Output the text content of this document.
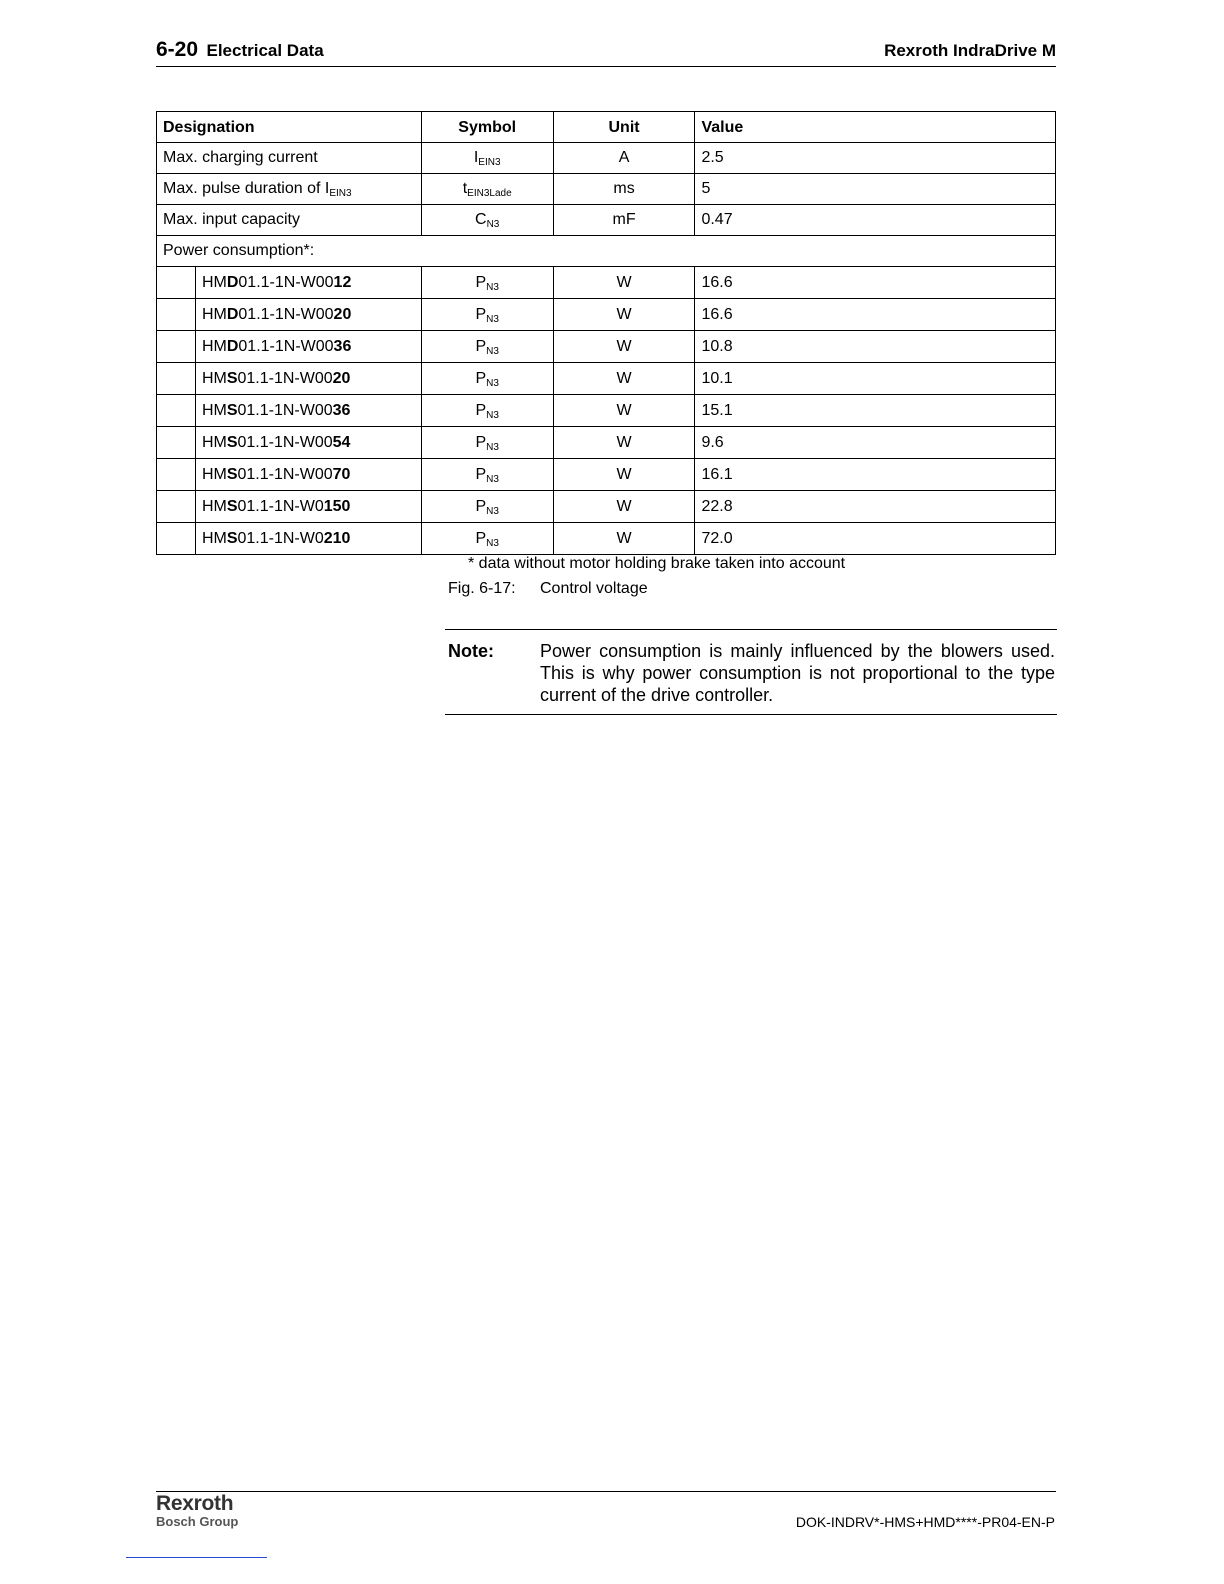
6-20 Electrical Data	Rexroth IndraDrive M
Designation		Symbol	Unit	Value
Max. charging current		$I_{EIN3}$	A	2.5
Max. pulse duration of $I_{EIN3}$		$t_{EIN3Lade}$	ms	5
Max. input capacity		$C_{N3}$	mF	0.47
Power consumption*:				
	HMD01.1-1N-W0012	$P_{N3}$	W	16.6
	HMD01.1-1N-W0020	$P_{N3}$	W	16.6
	HMD01.1-1N-W0036	$P_{N3}$	W	10.8
	HMS01.1-1N-W0020	$P_{N3}$	W	10.1
	HMS01.1-1N-W0036	$P_{N3}$	W	15.1
	HMS01.1-1N-W0054	$P_{N3}$	W	9.6
	HMS01.1-1N-W0070	$P_{N3}$	W	16.1
	HMS01.1-1N-W0150	$P_{N3}$	W	22.8
	HMS01.1-1N-W0210	$P_{N3}$	W	72.0
* data without motor holding brake taken into account
Fig. 6-17: Control voltage
Note:	Power consumption is mainly influenced by the blowers used. This is why power consumption is not proportional to the type current of the drive controller.
Rexroth
Bosch Group	DOK-INDRV*-HMS+HMD****-PR04-EN-P
